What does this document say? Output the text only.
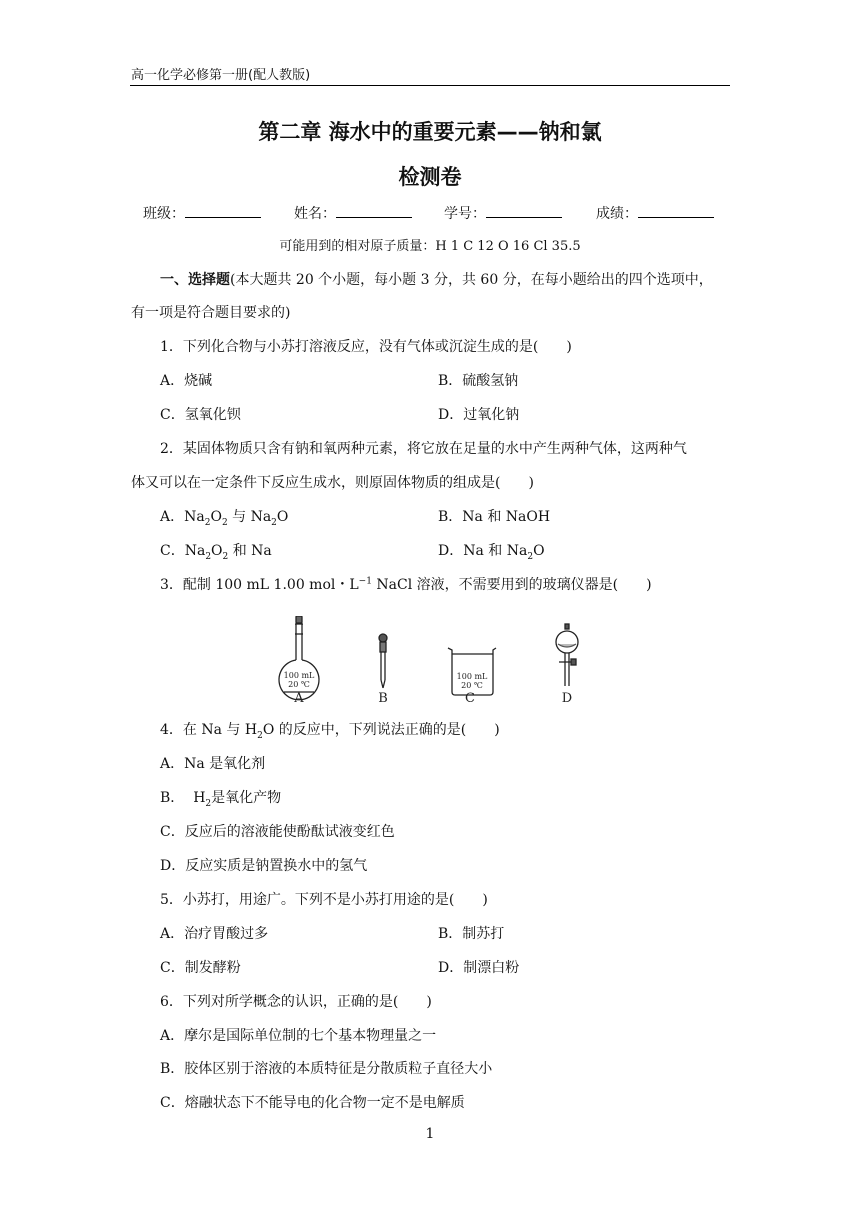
高一化学必修第一册(配人教版)
第二章 海水中的重要元素——钠和氯
检测卷
班级：	姓名：	学号：	成绩：
可能用到的相对原子质量：H 1 C 12 O 16 Cl 35.5
一、选择题(本大题共 20 个小题，每小题 3 分，共 60 分，在每小题给出的四个选项中，
有一项是符合题目要求的)
1．下列化合物与小苏打溶液反应，没有气体或沉淀生成的是(　　)
A．烧碱	B．硫酸氢钠
C．氢氧化钡	D．过氧化钠
2．某固体物质只含有钠和氧两种元素，将它放在足量的水中产生两种气体，这两种气
体又可以在一定条件下反应生成水，则原固体物质的组成是(　　)
A．$Na_2O_2$ 与 $Na_2O$	B．Na 和 NaOH
C．$Na_2O_2$ 和 Na	D．Na 和 $Na_2O$
3．配制 100 mL 1.00 mol・$L^{-1}$ NaCl 溶液，不需要用到的玻璃仪器是(　　)
100 mL
20 ℃
A	B
100 mL
20 ℃
C	D
4．在 Na 与 $H_2O$ 的反应中，下列说法正确的是(　　)
A．Na 是氧化剂
B．  $H_2$是氧化产物
C．反应后的溶液能使酚酞试液变红色
D．反应实质是钠置换水中的氢气
5．小苏打，用途广。下列不是小苏打用途的是(　　)
A．治疗胃酸过多	B．制苏打
C．制发酵粉	D．制漂白粉
6．下列对所学概念的认识，正确的是(　　)
A．摩尔是国际单位制的七个基本物理量之一
B．胶体区别于溶液的本质特征是分散质粒子直径大小
C．熔融状态下不能导电的化合物一定不是电解质
1
